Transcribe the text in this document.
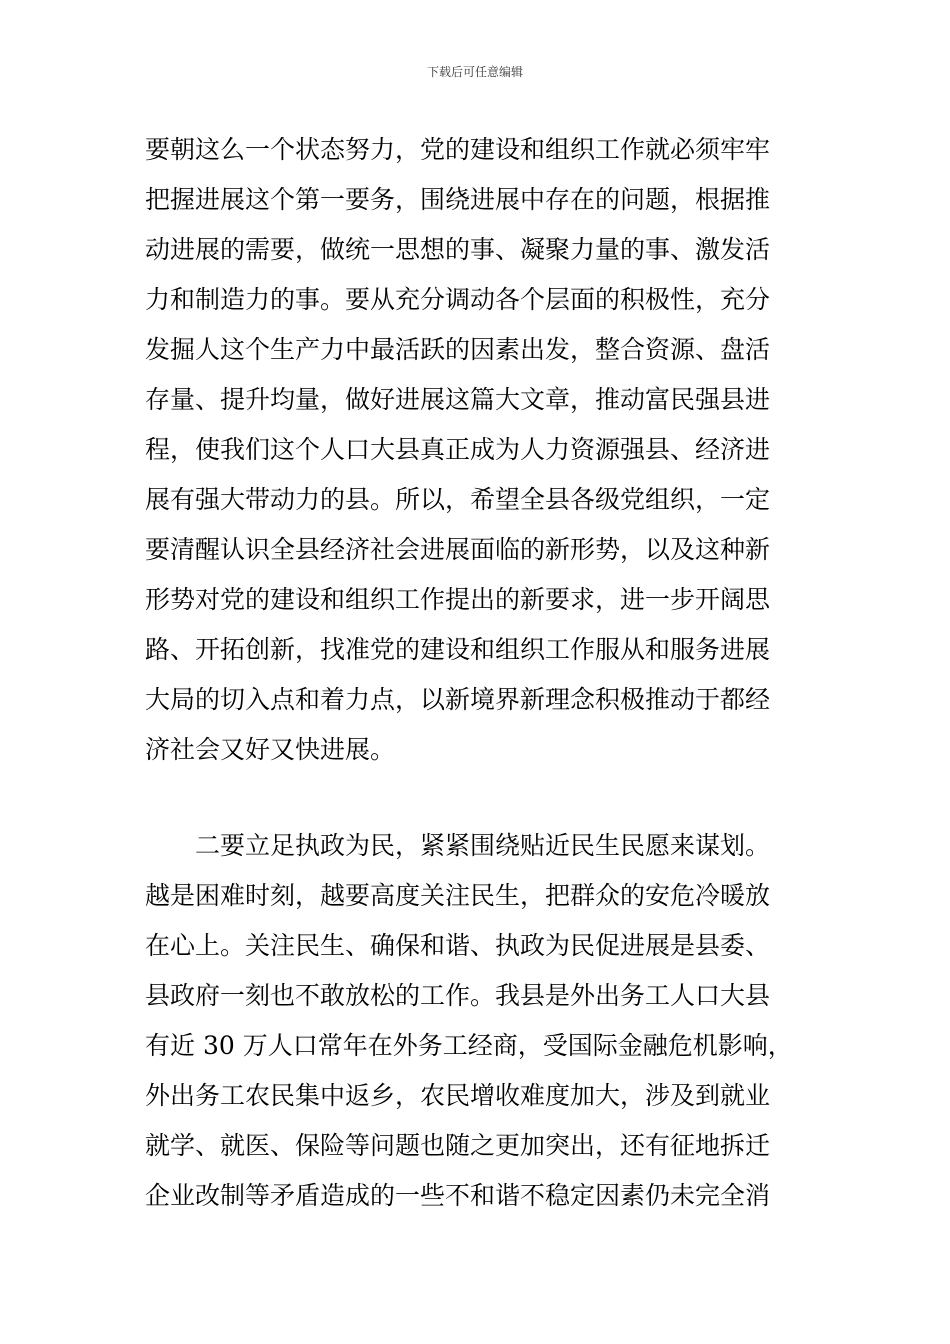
下载后可任意编辑
要朝这么一个状态努力，党的建设和组织工作就必须牢牢
把握进展这个第一要务，围绕进展中存在的问题，根据推
动进展的需要，做统一思想的事、凝聚力量的事、激发活
力和制造力的事。要从充分调动各个层面的积极性，充分
发掘人这个生产力中最活跃的因素出发，整合资源、盘活
存量、提升均量，做好进展这篇大文章，推动富民强县进
程，使我们这个人口大县真正成为人力资源强县、经济进
展有强大带动力的县。所以，希望全县各级党组织，一定
要清醒认识全县经济社会进展面临的新形势，以及这种新
形势对党的建设和组织工作提出的新要求，进一步开阔思
路、开拓创新，找准党的建设和组织工作服从和服务进展
大局的切入点和着力点，以新境界新理念积极推动于都经
济社会又好又快进展。
　　二要立足执政为民，紧紧围绕贴近民生民愿来谋划。
越是困难时刻，越要高度关注民生，把群众的安危冷暖放
在心上。关注民生、确保和谐、执政为民促进展是县委、
县政府一刻也不敢放松的工作。我县是外出务工人口大县
有近 30 万人口常年在外务工经商，受国际金融危机影响，
外出务工农民集中返乡，农民增收难度加大，涉及到就业
就学、就医、保险等问题也随之更加突出，还有征地拆迁
企业改制等矛盾造成的一些不和谐不稳定因素仍未完全消
